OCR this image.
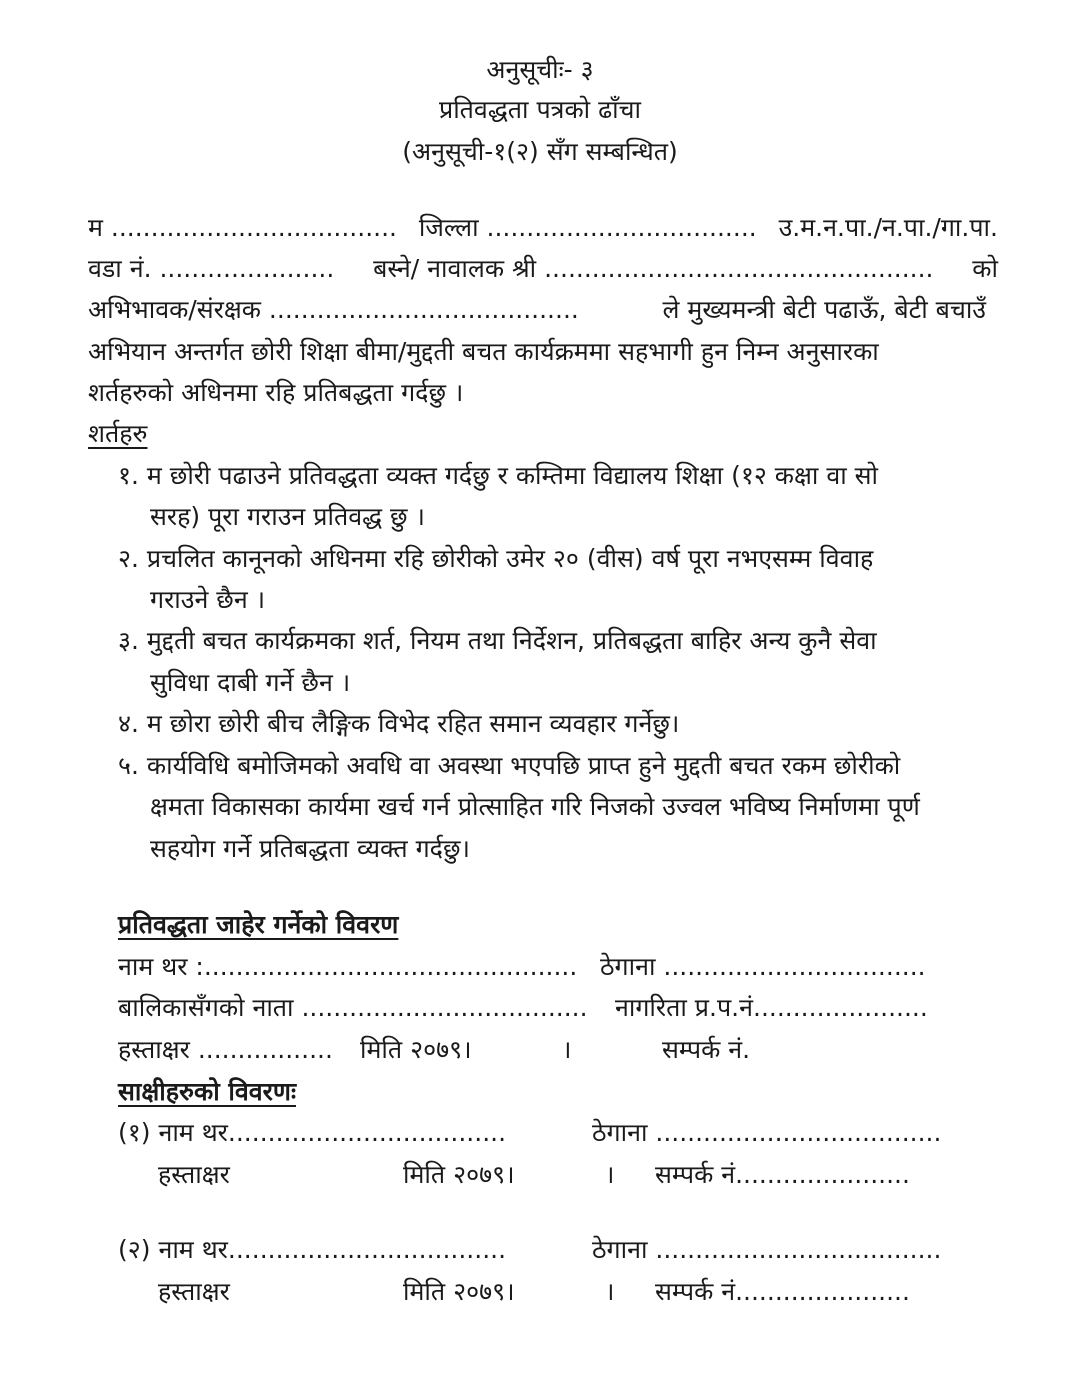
अनुसूचीः- ३
प्रतिवद्धता पत्रको ढाँचा
(अनुसूची-१(२) सँग सम्बन्धित)
म .................................... जिल्ला .................................. उ.म.न.पा./न.पा./गा.पा.
वडा नं. ...................... बस्ने/ नावालक श्री ................................................. को
अभिभावक/संरक्षक .......................................	ले मुख्यमन्त्री बेटी पढाऊँ, बेटी बचाउँ
अभियान अन्तर्गत छोरी शिक्षा बीमा/मुद्दती बचत कार्यक्रममा सहभागी हुन निम्न अनुसारका
शर्तहरुको अधिनमा रहि प्रतिबद्धता गर्दछु ।
शर्तहरु
१. म छोरी पढाउने प्रतिवद्धता व्यक्त गर्दछु र कम्तिमा विद्यालय शिक्षा (१२ कक्षा वा सो
सरह) पूरा गराउन प्रतिवद्ध छु ।
२. प्रचलित कानूनको अधिनमा रहि छोरीको उमेर २० (वीस) वर्ष पूरा नभएसम्म विवाह
गराउने छैन ।
३. मुद्दती बचत कार्यक्रमका शर्त, नियम तथा निर्देशन, प्रतिबद्धता बाहिर अन्य कुनै सेवा
सुविधा दाबी गर्ने छैन ।
४. म छोरा छोरी बीच लैङ्गिक विभेद रहित समान व्यवहार गर्नेछु।
५. कार्यविधि बमोजिमको अवधि वा अवस्था भएपछि प्राप्त हुने मुद्दती बचत रकम छोरीको
क्षमता विकासका कार्यमा खर्च गर्न प्रोत्साहित गरि निजको उज्वल भविष्य निर्माणमा पूर्ण
सहयोग गर्ने प्रतिबद्धता व्यक्त गर्दछु।
प्रतिवद्धता जाहेर गर्नेको विवरण
नाम थर :............................................... ठेगाना .................................
बालिकासँगको नाता .................................... नागरिता प्र.प.नं......................
हस्ताक्षर ................. मिति २०७९।	।	सम्पर्क नं.
साक्षीहरुको विवरणः
(१) नाम थर...................................	ठेगाना ....................................
हस्ताक्षर	मिति २०७९।	। सम्पर्क नं......................
(२) नाम थर...................................	ठेगाना ....................................
हस्ताक्षर	मिति २०७९।	। सम्पर्क नं......................
